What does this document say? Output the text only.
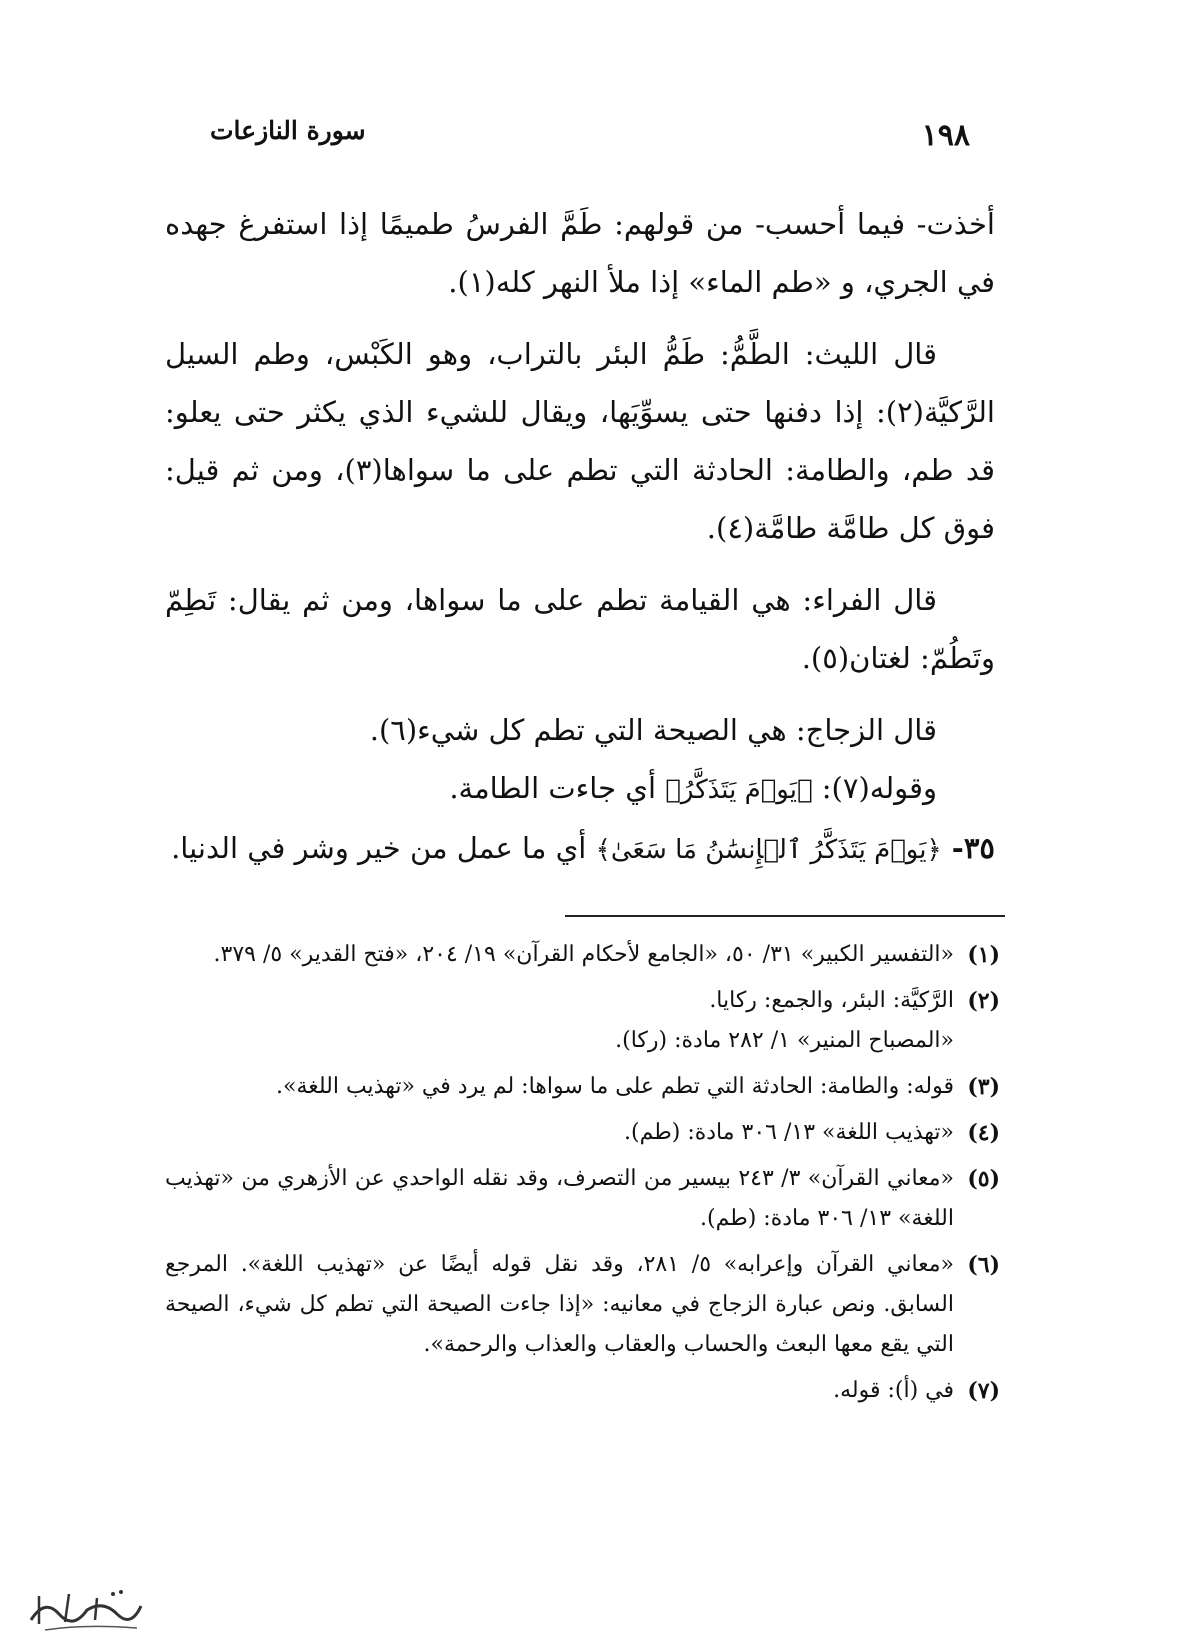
سورة النازعات	١٩٨

أخذت- فيما أحسب- من قولهم: طَمَّ الفرسُ طميمًا إذا استفرغ جهده في الجري، و «طم الماء» إذا ملأ النهر كله(١).

قال الليث: الطَّمُّ: طَمُّ البئر بالتراب، وهو الكَبْس، وطم السيل الرَّكيَّة(٢): إذا دفنها حتى يسوِّيَها، ويقال للشيء الذي يكثر حتى يعلو: قد طم، والطامة: الحادثة التي تطم على ما سواها(٣)، ومن ثم قيل: فوق كل طامَّة طامَّة(٤).

قال الفراء: هي القيامة تطم على ما سواها، ومن ثم يقال: تَطِمّ وتَطُمّ: لغتان(٥).

قال الزجاج: هي الصيحة التي تطم كل شيء(٦).

وقوله(٧): ﴿يَوۡمَ يَتَذَكَّرُ﴾ أي جاءت الطامة.

٣٥- ﴿يَوۡمَ يَتَذَكَّرُ ٱلۡإِنسَٰنُ مَا سَعَىٰ﴾ أي ما عمل من خير وشر في الدنيا.

(١)
«التفسير الكبير» ٣١/ ٥٠، «الجامع لأحكام القرآن» ١٩/ ٢٠٤، «فتح القدير» ٥/ ٣٧٩.
(٢)
الرَّكيَّة: البئر، والجمع: ركايا.
«المصباح المنير» ١/ ٢٨٢ مادة: (ركا).
(٣)
قوله: والطامة: الحادثة التي تطم على ما سواها: لم يرد في «تهذيب اللغة».
(٤)
«تهذيب اللغة» ١٣/ ٣٠٦ مادة: (طم).
(٥)
«معاني القرآن» ٣/ ٢٤٣ بيسير من التصرف، وقد نقله الواحدي عن الأزهري من «تهذيب اللغة» ١٣/ ٣٠٦ مادة: (طم).
(٦)
«معاني القرآن وإعرابه» ٥/ ٢٨١، وقد نقل قوله أيضًا عن «تهذيب اللغة». المرجع السابق. ونص عبارة الزجاج في معانيه: «إذا جاءت الصيحة التي تطم كل شيء، الصيحة التي يقع معها البعث والحساب والعقاب والعذاب والرحمة».
(٧)
في (أ): قوله.
